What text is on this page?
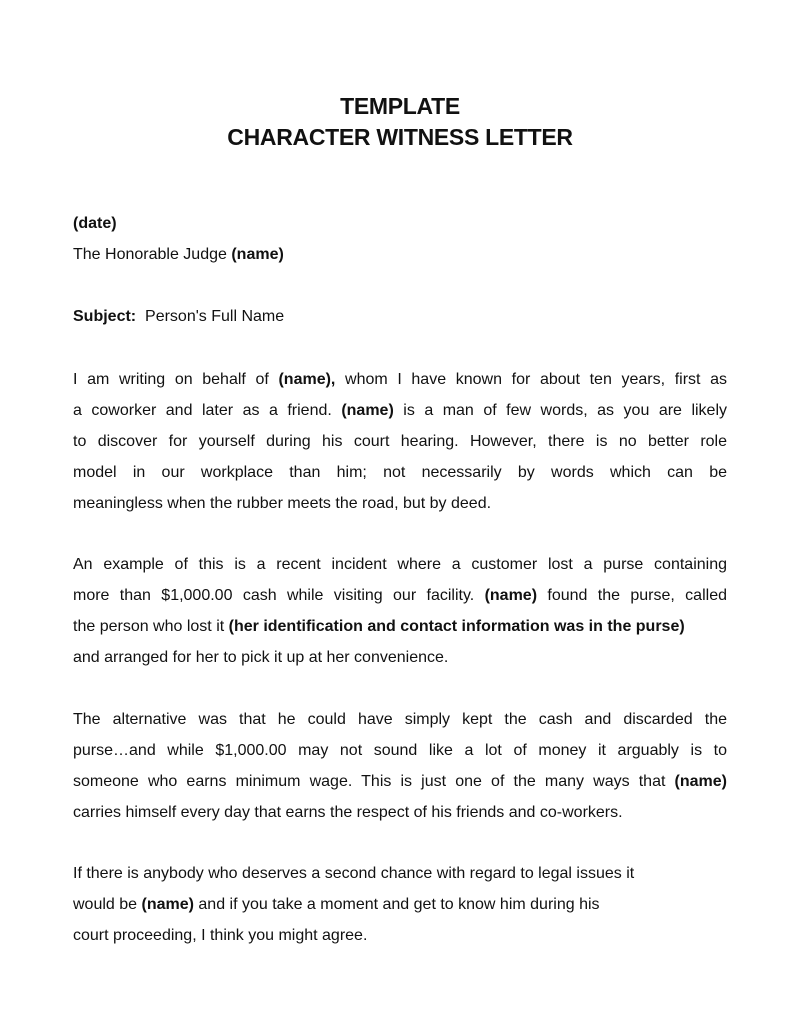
TEMPLATE
CHARACTER WITNESS LETTER

(date)

The Honorable Judge (name)

Subject: Person's Full Name

I am writing on behalf of (name), whom I have known for about ten years, first as
a coworker and later as a friend. (name) is a man of few words, as you are likely
to discover for yourself during his court hearing. However, there is no better role
model in our workplace than him; not necessarily by words which can be
meaningless when the rubber meets the road, but by deed.
An example of this is a recent incident where a customer lost a purse containing
more than $1,000.00 cash while visiting our facility. (name) found the purse, called
the person who lost it (her identification and contact information was in the purse)
and arranged for her to pick it up at her convenience.
The alternative was that he could have simply kept the cash and discarded the
purse…and while $1,000.00 may not sound like a lot of money it arguably is to
someone who earns minimum wage. This is just one of the many ways that (name)
carries himself every day that earns the respect of his friends and co-workers.
If there is anybody who deserves a second chance with regard to legal issues it
would be (name) and if you take a moment and get to know him during his
court proceeding, I think you might agree.
